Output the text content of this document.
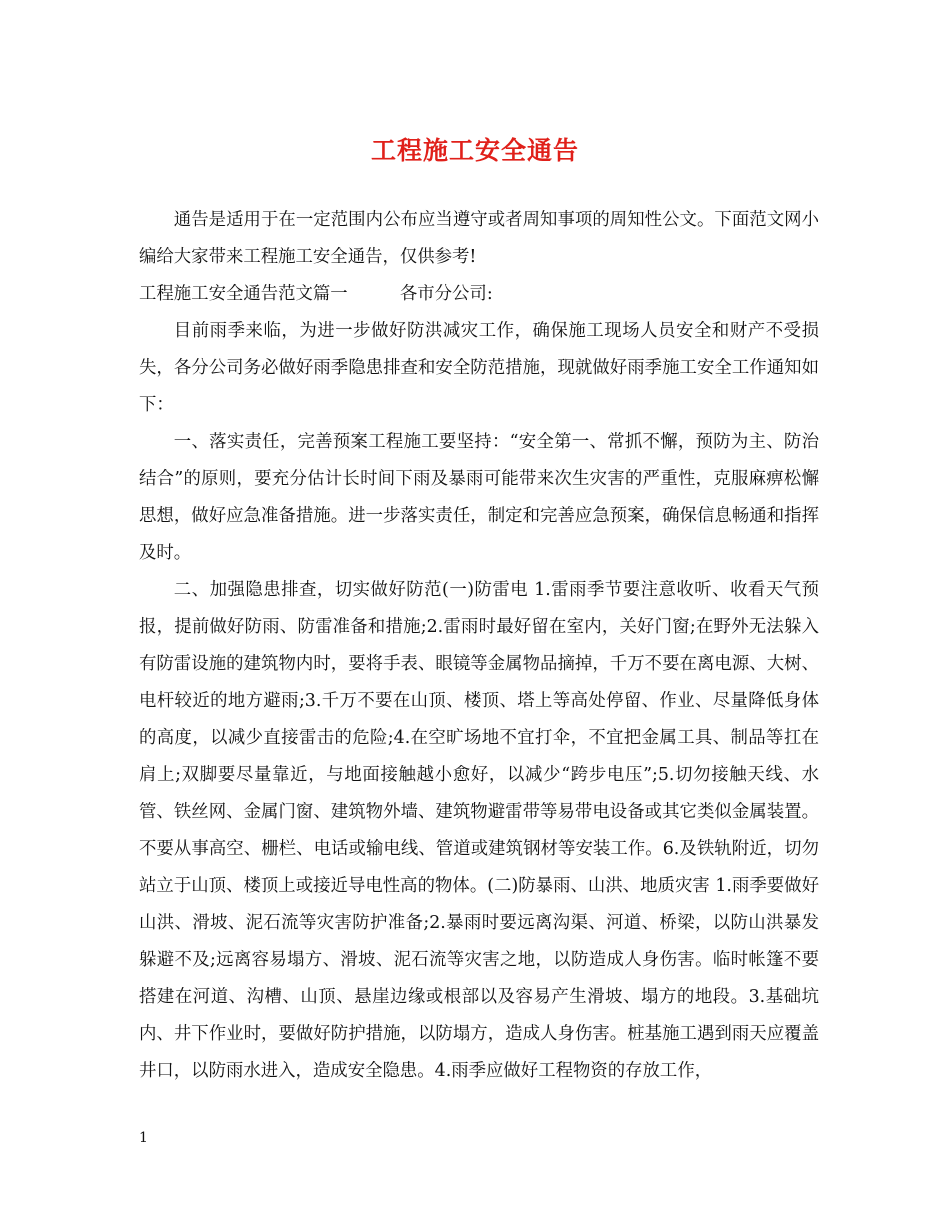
工程施工安全通告

通告是适用于在一定范围内公布应当遵守或者周知事项的周知性公文。下面范文网小编给大家带来工程施工安全通告，仅供参考!

工程施工安全通告范文篇一　　　各市分公司:

目前雨季来临，为进一步做好防洪减灾工作，确保施工现场人员安全和财产不受损失，各分公司务必做好雨季隐患排查和安全防范措施，现就做好雨季施工安全工作通知如下：

一、落实责任，完善预案工程施工要坚持：“安全第一、常抓不懈，预防为主、防治结合”的原则，要充分估计长时间下雨及暴雨可能带来次生灾害的严重性，克服麻痹松懈思想，做好应急准备措施。进一步落实责任，制定和完善应急预案，确保信息畅通和指挥及时。

二、加强隐患排查，切实做好防范(一)防雷电 1.雷雨季节要注意收听、收看天气预报，提前做好防雨、防雷准备和措施;2.雷雨时最好留在室内，关好门窗;在野外无法躲入有防雷设施的建筑物内时，要将手表、眼镜等金属物品摘掉，千万不要在离电源、大树、电杆较近的地方避雨;3.千万不要在山顶、楼顶、塔上等高处停留、作业、尽量降低身体的高度，以减少直接雷击的危险;4.在空旷场地不宜打伞，不宜把金属工具、制品等扛在肩上;双脚要尽量靠近，与地面接触越小愈好，以减少“跨步电压”;5.切勿接触天线、水管、铁丝网、金属门窗、建筑物外墙、建筑物避雷带等易带电设备或其它类似金属装置。不要从事高空、栅栏、电话或输电线、管道或建筑钢材等安装工作。6.及铁轨附近，切勿站立于山顶、楼顶上或接近导电性高的物体。(二)防暴雨、山洪、地质灾害 1.雨季要做好山洪、滑坡、泥石流等灾害防护准备;2.暴雨时要远离沟渠、河道、桥梁，以防山洪暴发躲避不及;远离容易塌方、滑坡、泥石流等灾害之地，以防造成人身伤害。临时帐篷不要搭建在河道、沟槽、山顶、悬崖边缘或根部以及容易产生滑坡、塌方的地段。3.基础坑内、井下作业时，要做好防护措施，以防塌方，造成人身伤害。桩基施工遇到雨天应覆盖井口，以防雨水进入，造成安全隐患。4.雨季应做好工程物资的存放工作，

1
